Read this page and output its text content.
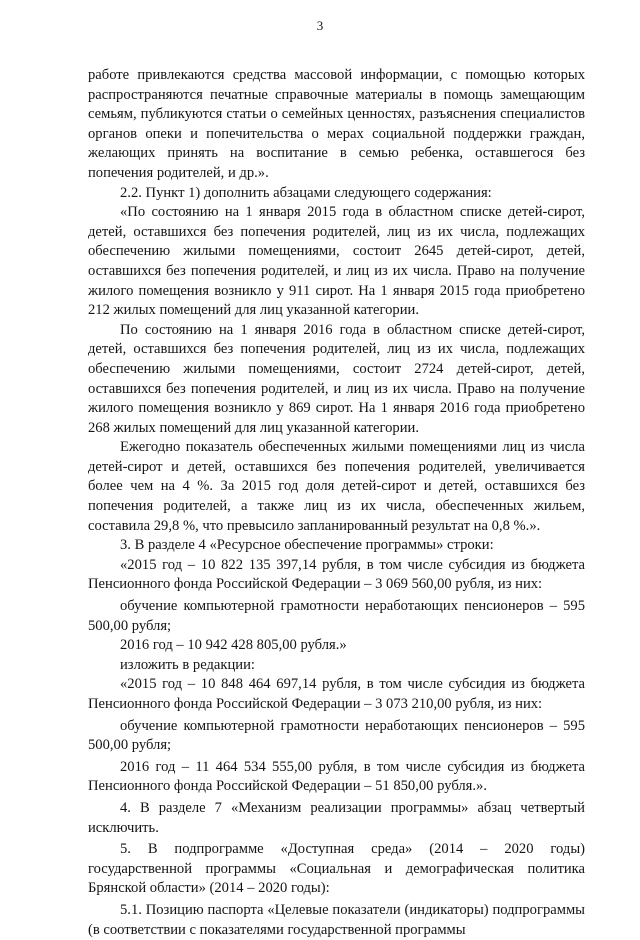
3

работе привлекаются средства массовой информации, с помощью которых распространяются печатные справочные материалы в помощь замещающим семьям, публикуются статьи о семейных ценностях, разъяснения специалистов органов опеки и попечительства о мерах социальной поддержки граждан, желающих принять на воспитание в семью ребенка, оставшегося без попечения родителей, и др.».

2.2. Пункт 1) дополнить абзацами следующего содержания:

«По состоянию на 1 января 2015 года в областном списке детей-сирот, детей, оставшихся без попечения родителей, лиц из их числа, подлежащих обеспечению жилыми помещениями, состоит 2645 детей-сирот, детей, оставшихся без попечения родителей, и лиц из их числа. Право на получение жилого помещения возникло у 911 сирот. На 1 января 2015 года приобретено 212 жилых помещений для лиц указанной категории.

По состоянию на 1 января 2016 года в областном списке детей-сирот, детей, оставшихся без попечения родителей, лиц из их числа, подлежащих обеспечению жилыми помещениями, состоит 2724 детей-сирот, детей, оставшихся без попечения родителей, и лиц из их числа. Право на получение жилого помещения возникло у 869 сирот. На 1 января 2016 года приобретено 268 жилых помещений для лиц указанной категории.

Ежегодно показатель обеспеченных жилыми помещениями лиц из числа детей-сирот и детей, оставшихся без попечения родителей, увеличивается более чем на 4 %. За 2015 год доля детей-сирот и детей, оставшихся без попечения родителей, а также лиц из их числа, обеспеченных жильем, составила 29,8 %, что превысило запланированный результат на 0,8 %.».

3. В разделе 4 «Ресурсное обеспечение программы» строки:

«2015 год – 10 822 135 397,14 рубля, в том числе субсидия из бюджета Пенсионного фонда Российской Федерации – 3 069 560,00 рубля, из них:

обучение компьютерной грамотности неработающих пенсионеров – 595 500,00 рубля;

2016 год – 10 942 428 805,00 рубля.»

изложить в редакции:

«2015 год – 10 848 464 697,14 рубля, в том числе субсидия из бюджета Пенсионного фонда Российской Федерации – 3 073 210,00 рубля, из них:

обучение компьютерной грамотности неработающих пенсионеров – 595 500,00 рубля;

2016 год – 11 464 534 555,00 рубля, в том числе субсидия из бюджета Пенсионного фонда Российской Федерации – 51 850,00 рубля.».

4. В разделе 7 «Механизм реализации программы» абзац четвертый исключить.

5. В подпрограмме «Доступная среда» (2014 – 2020 годы) государственной программы «Социальная и демографическая политика Брянской области» (2014 – 2020 годы):

5.1. Позицию паспорта «Целевые показатели (индикаторы) подпрограммы (в соответствии с показателями государственной программы
